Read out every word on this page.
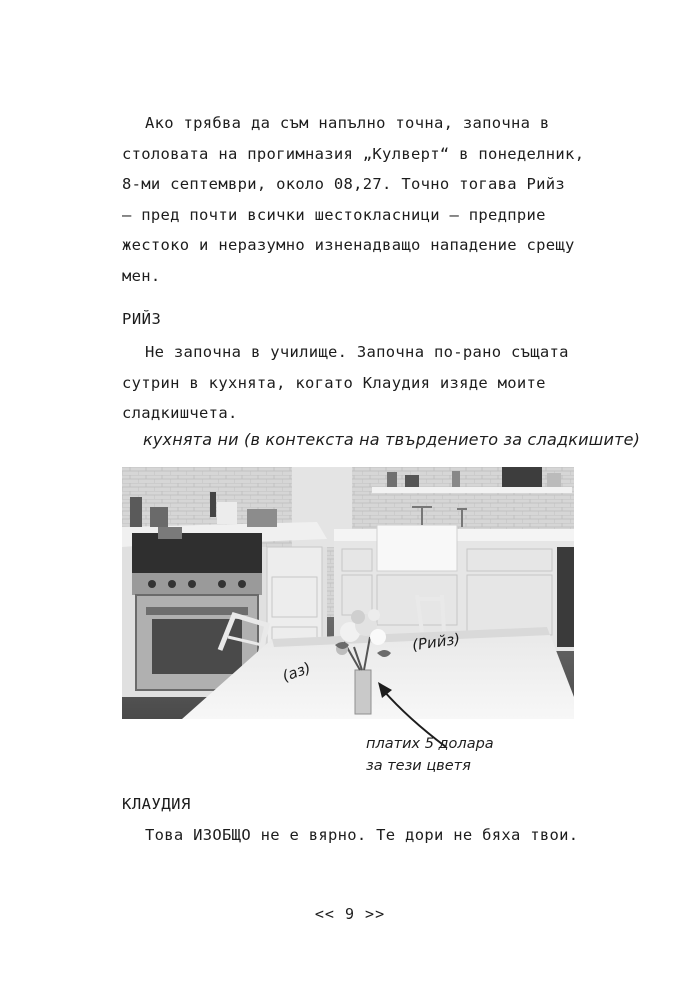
Ако трябва да съм напълно точна, започна в
столовата на прогимназия „Кулверт“ в понеделник,
8-ми септември, около 08,27. Точно тогава Рийз
— пред почти всички шестокласници — предприе
жестоко и неразумно изненадващо нападение срещу
мен.

РИЙЗ

Не започна в училище. Започна по-рано същата
сутрин в кухнята, когато Клаудия изяде моите
сладкишчета.

кухнята ни (в контекста на твърдението за сладкишите)

(аз)

(Рийз)

платих 5 долара

за тези цветя

КЛАУДИЯ

Това ИЗОБЩО не е вярно. Те дори не бяха твои.

<< 9 >>
